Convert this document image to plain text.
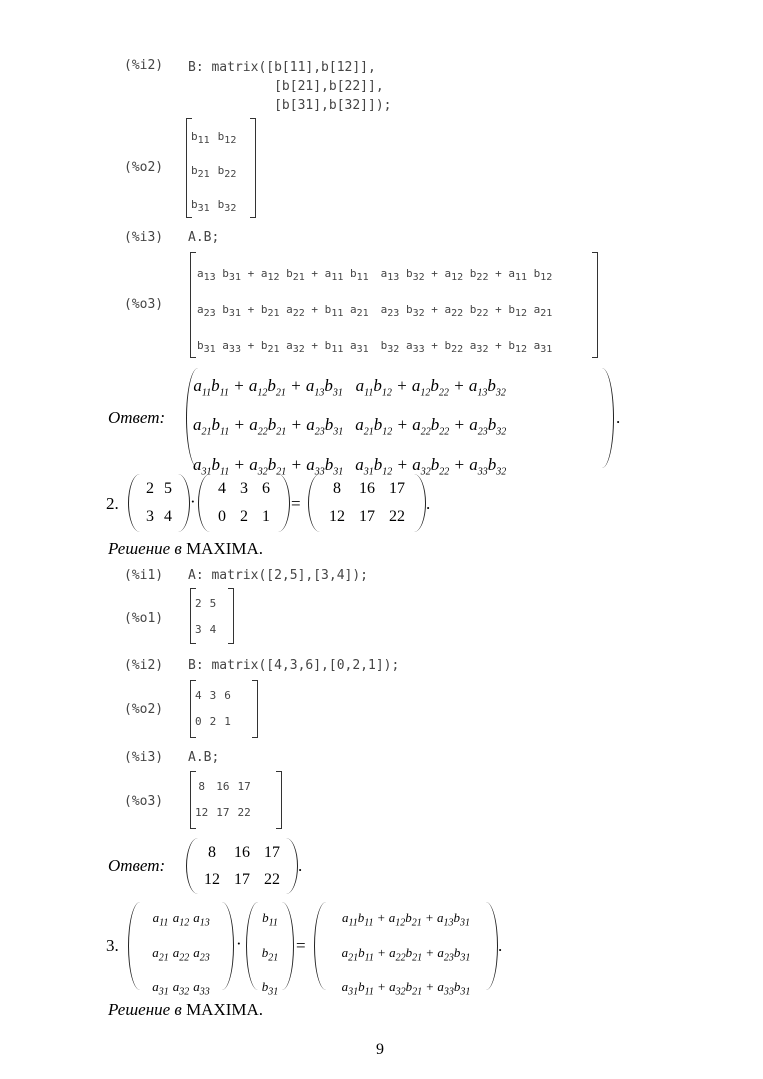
(%i2) B: matrix([b[11],b[12]],
[b[21],b[22]],
[b[31],b[32]]);
(%o2)
$b_{11}$	$b_{12}$
$b_{21}$	$b_{22}$
$b_{31}$	$b_{32}$
(%i3) A.B;
(%o3)
$a_{13}$ $b_{31} + a_{12}$ $b_{21} + a_{11}$ $b_{11}$	$a_{13}$ $b_{32} + a_{12}$ $b_{22} + a_{11}$ $b_{12}$
$a_{23}$ $b_{31} + b_{21}$ $a_{22} + b_{11}$ $a_{21}$	$a_{23}$ $b_{32} + a_{22}$ $b_{22} + b_{12}$ $a_{21}$
$b_{31}$ $a_{33} + b_{21}$ $a_{32} + b_{11}$ $a_{31}$	$b_{32}$ $a_{33} + b_{22}$ $a_{32} + b_{12}$ $a_{31}$
Ответ:
$a_{11}b_{11} + a_{12}b_{21} + a_{13}b_{31}$	$a_{11}b_{12} + a_{12}b_{22} + a_{13}b_{32}$
$a_{21}b_{11} + a_{22}b_{21} + a_{23}b_{31}$	$a_{21}b_{12} + a_{22}b_{22} + a_{23}b_{32}$
$a_{31}b_{11} + a_{32}b_{21} + a_{33}b_{31}$	$a_{31}b_{12} + a_{32}b_{22} + a_{33}b_{32}$
.
2.
2	5
3	4
·
4	3	6
0	2	1
=
8	16	17
12	17	22
.
Решение в MAXIMA.
(%i1) A: matrix([2,5],[3,4]);
(%o1)
2	5
3	4
(%i2) B: matrix([4,3,6],[0,2,1]);
(%o2)
4	3	6
0	2	1
(%i3) A.B;
(%o3)
8	16	17
12	17	22
Ответ:
8	16	17
12	17	22
.
3.
$a_{11}$	$a_{12}$	$a_{13}$
$a_{21}$	$a_{22}$	$a_{23}$
$a_{31}$	$a_{32}$	$a_{33}$
·
$b_{11}$
$b_{21}$
$b_{31}$
=
$a_{11}b_{11} + a_{12}b_{21} + a_{13}b_{31}$
$a_{21}b_{11} + a_{22}b_{21} + a_{23}b_{31}$
$a_{31}b_{11} + a_{32}b_{21} + a_{33}b_{31}$
.
Решение в MAXIMA.
9
